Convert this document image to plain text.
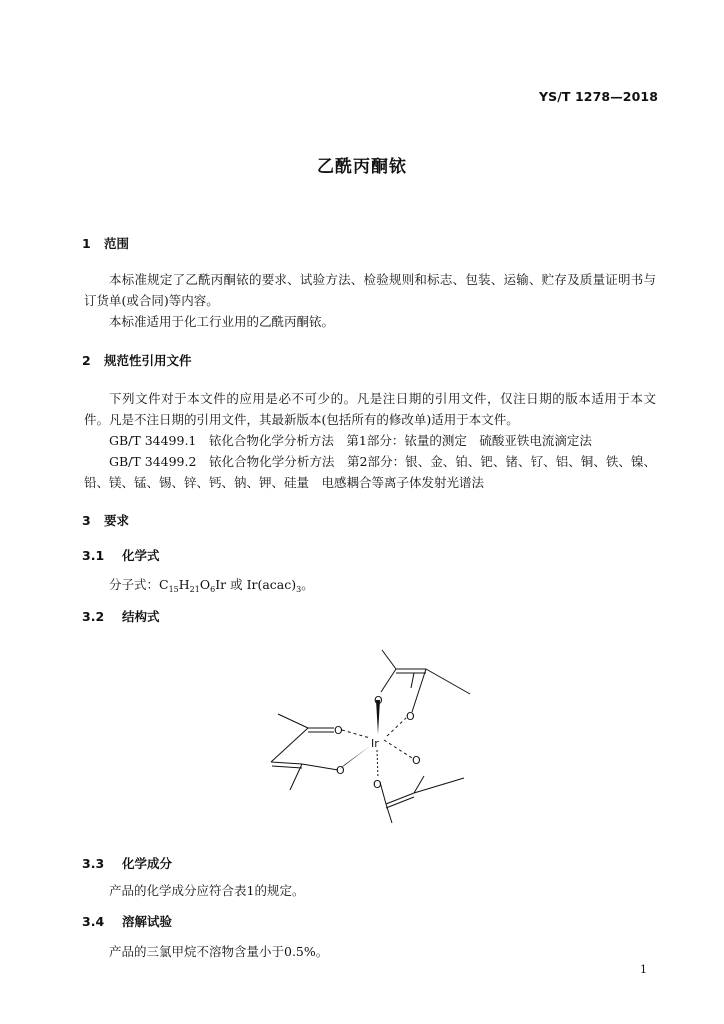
YS/T 1278—2018
乙酰丙酮铱
1 范围
本标准规定了乙酰丙酮铱的要求、试验方法、检验规则和标志、包装、运输、贮存及质量证明书与订货单(或合同)等内容。
本标准适用于化工行业用的乙酰丙酮铱。
2 规范性引用文件
下列文件对于本文件的应用是必不可少的。凡是注日期的引用文件，仅注日期的版本适用于本文件。凡是不注日期的引用文件，其最新版本(包括所有的修改单)适用于本文件。
GB/T 34499.1　铱化合物化学分析方法　第1部分：铱量的测定　硫酸亚铁电流滴定法
GB/T 34499.2　铱化合物化学分析方法　第2部分：银、金、铂、钯、锗、钌、铝、铜、铁、镍、铅、镁、锰、锡、锌、钙、钠、钾、硅量　电感耦合等离子体发射光谱法
3 要求
3.1 化学式
分子式：$C_{15}H_{21}O_6Ir$ 或 $Ir(acac)_3$。
3.2 结构式
O
O
O
O
O
O
Ir
3.3 化学成分
产品的化学成分应符合表1的规定。
3.4 溶解试验
产品的三氯甲烷不溶物含量小于0.5%。
1
